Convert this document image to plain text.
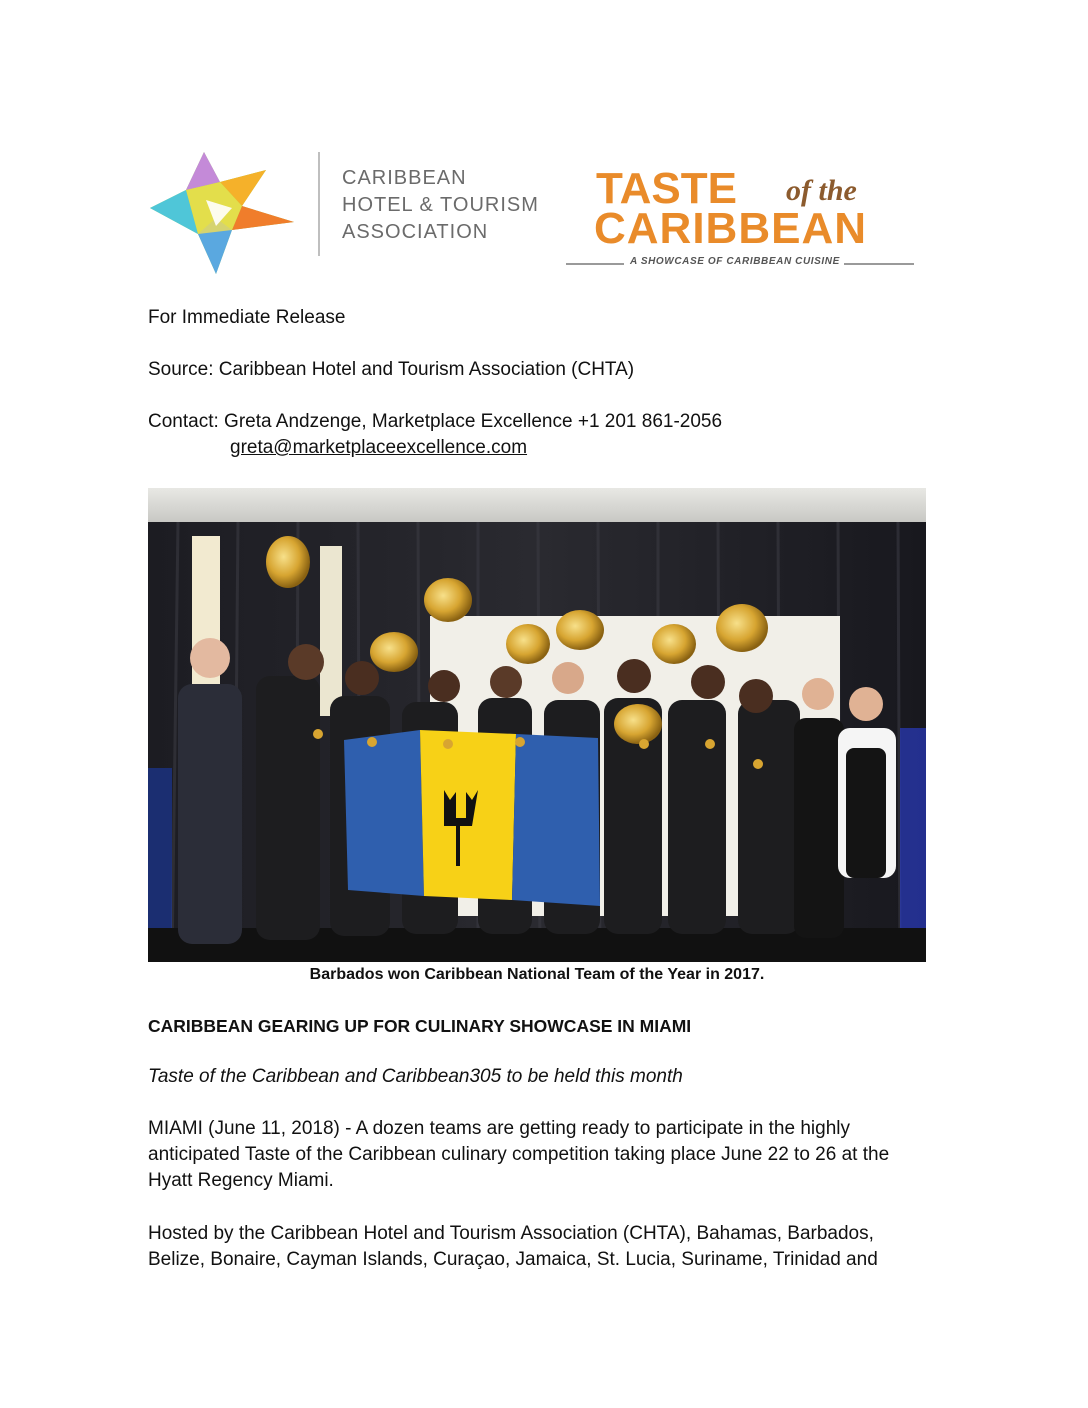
CARIBBEAN
HOTEL & TOURISM
ASSOCIATION
TASTE of the
CARIBBEAN
A SHOWCASE OF CARIBBEAN CUISINE
For Immediate Release
Source: Caribbean Hotel and Tourism Association (CHTA)
Contact: Greta Andzenge, Marketplace Excellence +1 201 861-2056
greta@marketplaceexcellence.com
Barbados won Caribbean National Team of the Year in 2017.
CARIBBEAN GEARING UP FOR CULINARY SHOWCASE IN MIAMI
Taste of the Caribbean and Caribbean305 to be held this month
MIAMI (June 11, 2018) - A dozen teams are getting ready to participate in the highly
anticipated Taste of the Caribbean culinary competition taking place June 22 to 26 at the
Hyatt Regency Miami.
Hosted by the Caribbean Hotel and Tourism Association (CHTA), Bahamas, Barbados,
Belize, Bonaire, Cayman Islands, Curaçao, Jamaica, St. Lucia, Suriname, Trinidad and
